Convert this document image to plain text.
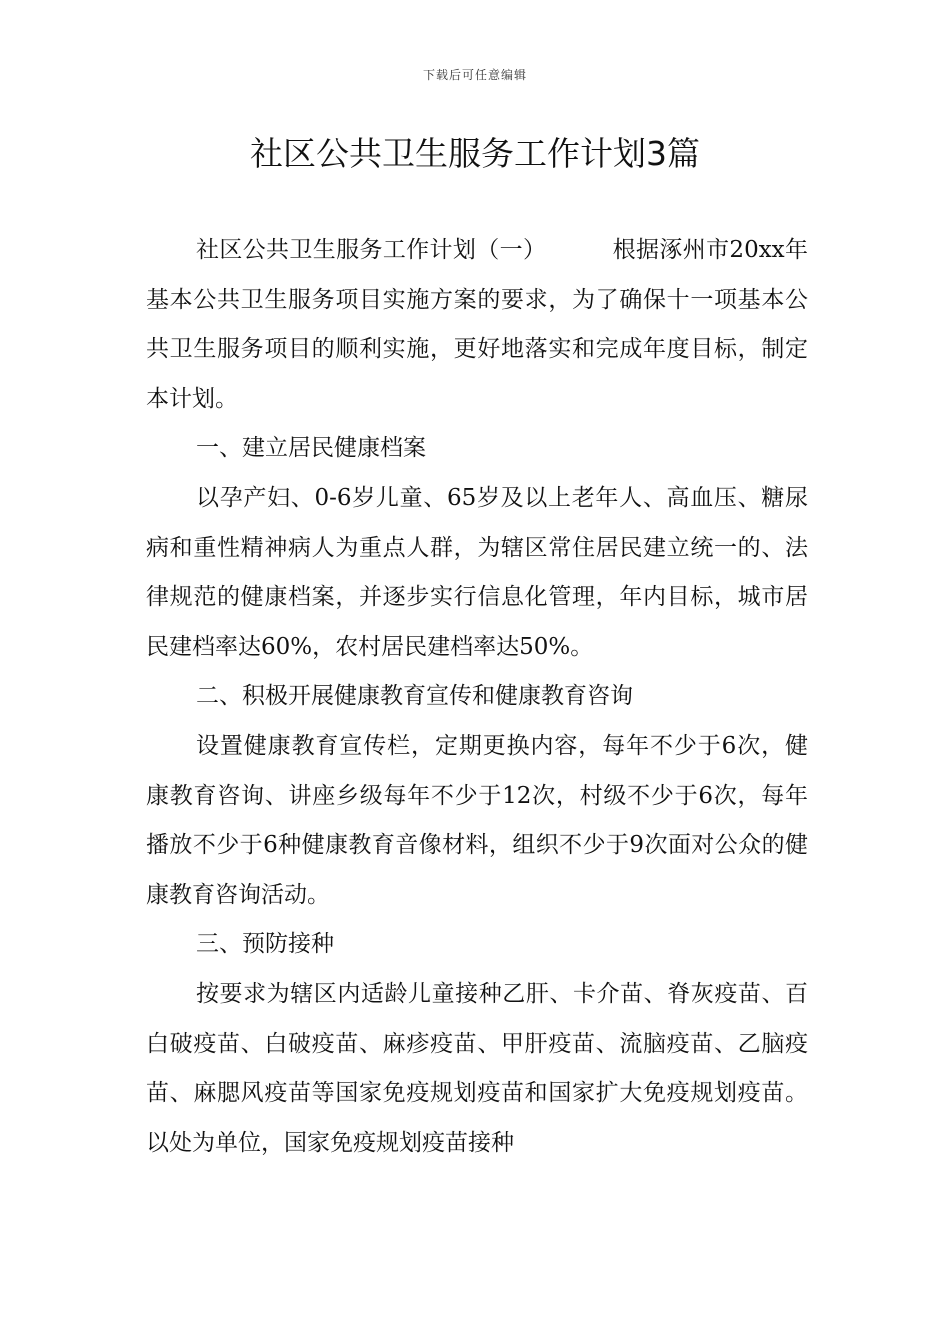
下载后可任意编辑
社区公共卫生服务工作计划3篇

社区公共卫生服务工作计划（一）	根据涿州市20xx年基本公共卫生服务项目实施方案的要求，为了确保十一项基本公共卫生服务项目的顺利实施，更好地落实和完成年度目标，制定本计划。

一、建立居民健康档案

以孕产妇、0-6岁儿童、65岁及以上老年人、高血压、糖尿病和重性精神病人为重点人群，为辖区常住居民建立统一的、法律规范的健康档案，并逐步实行信息化管理，年内目标，城市居民建档率达60%，农村居民建档率达50%。

二、积极开展健康教育宣传和健康教育咨询

设置健康教育宣传栏，定期更换内容，每年不少于6次，健康教育咨询、讲座乡级每年不少于12次，村级不少于6次，每年播放不少于6种健康教育音像材料，组织不少于9次面对公众的健康教育咨询活动。

三、预防接种

按要求为辖区内适龄儿童接种乙肝、卡介苗、脊灰疫苗、百白破疫苗、白破疫苗、麻疹疫苗、甲肝疫苗、流脑疫苗、乙脑疫苗、麻腮风疫苗等国家免疫规划疫苗和国家扩大免疫规划疫苗。以处为单位，国家免疫规划疫苗接种
